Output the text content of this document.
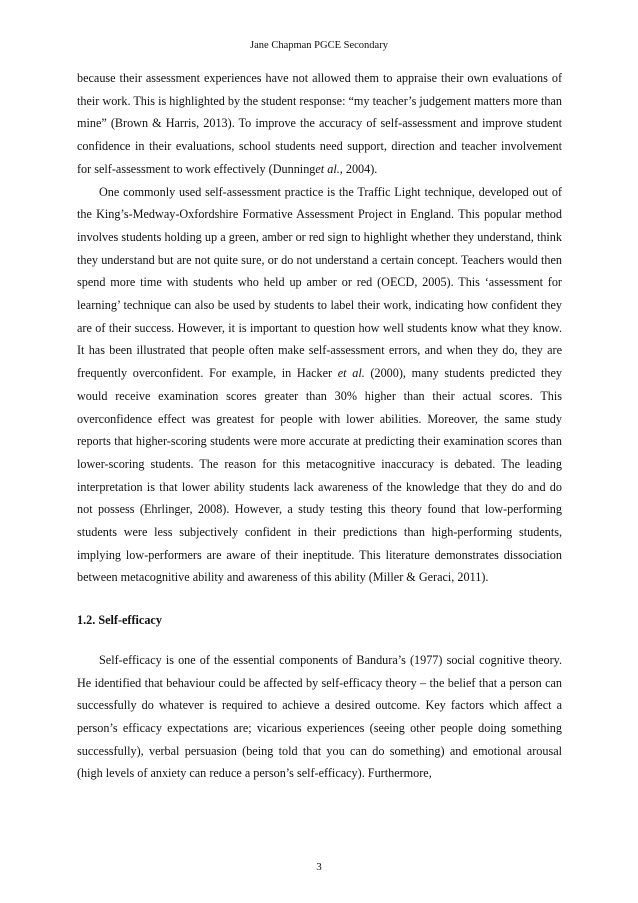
Jane Chapman PGCE Secondary

because their assessment experiences have not allowed them to appraise their own evaluations of their work. This is highlighted by the student response: “my teacher’s judgement matters more than mine” (Brown & Harris, 2013). To improve the accuracy of self-assessment and improve student confidence in their evaluations, school students need support, direction and teacher involvement for self-assessment to work effectively (Dunninget al., 2004).

One commonly used self-assessment practice is the Traffic Light technique, developed out of the King’s-Medway-Oxfordshire Formative Assessment Project in England. This popular method involves students holding up a green, amber or red sign to highlight whether they understand, think they understand but are not quite sure, or do not understand a certain concept. Teachers would then spend more time with students who held up amber or red (OECD, 2005). This ‘assessment for learning’ technique can also be used by students to label their work, indicating how confident they are of their success. However, it is important to question how well students know what they know. It has been illustrated that people often make self-assessment errors, and when they do, they are frequently overconfident. For example, in Hacker et al. (2000), many students predicted they would receive examination scores greater than 30% higher than their actual scores. This overconfidence effect was greatest for people with lower abilities. Moreover, the same study reports that higher-scoring students were more accurate at predicting their examination scores than lower-scoring students. The reason for this metacognitive inaccuracy is debated. The leading interpretation is that lower ability students lack awareness of the knowledge that they do and do not possess (Ehrlinger, 2008). However, a study testing this theory found that low-performing students were less subjectively confident in their predictions than high-performing students, implying low-performers are aware of their ineptitude. This literature demonstrates dissociation between metacognitive ability and awareness of this ability (Miller & Geraci, 2011).

1.2. Self-efficacy

Self-efficacy is one of the essential components of Bandura’s (1977) social cognitive theory. He identified that behaviour could be affected by self-efficacy theory – the belief that a person can successfully do whatever is required to achieve a desired outcome. Key factors which affect a person’s efficacy expectations are; vicarious experiences (seeing other people doing something successfully), verbal persuasion (being told that you can do something) and emotional arousal (high levels of anxiety can reduce a person’s self-efficacy). Furthermore,

3
